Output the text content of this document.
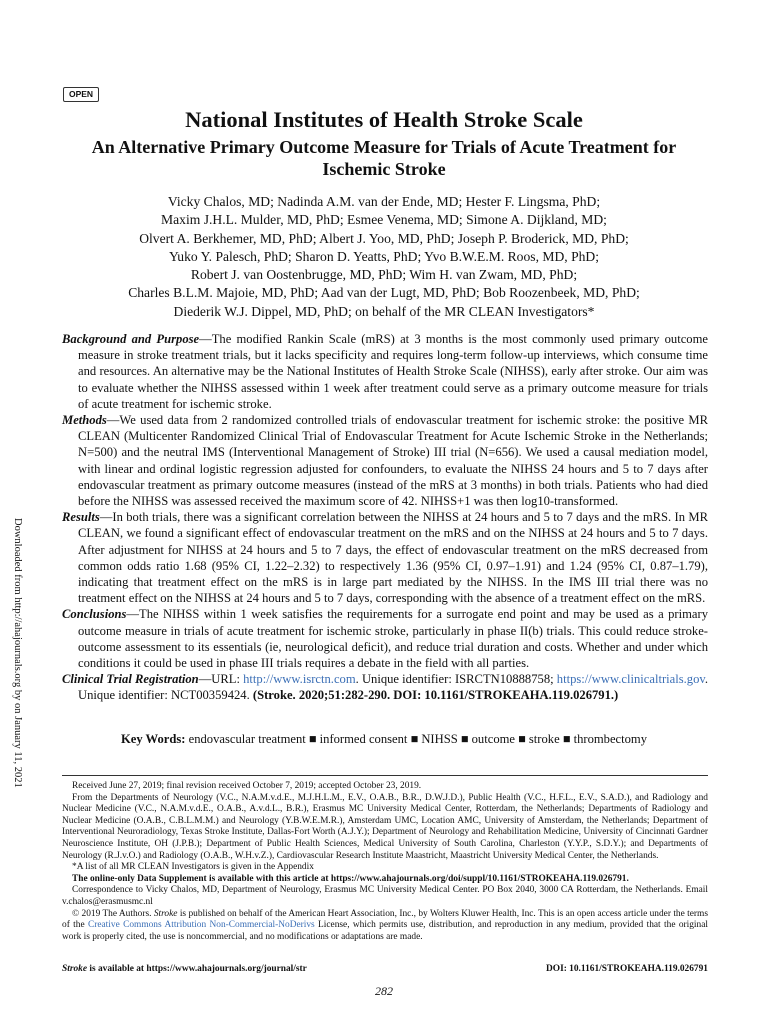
OPEN
National Institutes of Health Stroke Scale
An Alternative Primary Outcome Measure for Trials of Acute Treatment for Ischemic Stroke
Vicky Chalos, MD; Nadinda A.M. van der Ende, MD; Hester F. Lingsma, PhD;
Maxim J.H.L. Mulder, MD, PhD; Esmee Venema, MD; Simone A. Dijkland, MD;
Olvert A. Berkhemer, MD, PhD; Albert J. Yoo, MD, PhD; Joseph P. Broderick, MD, PhD;
Yuko Y. Palesch, PhD; Sharon D. Yeatts, PhD; Yvo B.W.E.M. Roos, MD, PhD;
Robert J. van Oostenbrugge, MD, PhD; Wim H. van Zwam, MD, PhD;
Charles B.L.M. Majoie, MD, PhD; Aad van der Lugt, MD, PhD; Bob Roozenbeek, MD, PhD;
Diederik W.J. Dippel, MD, PhD; on behalf of the MR CLEAN Investigators*

Background and Purpose—The modified Rankin Scale (mRS) at 3 months is the most commonly used primary outcome measure in stroke treatment trials, but it lacks specificity and requires long-term follow-up interviews, which consume time and resources. An alternative may be the National Institutes of Health Stroke Scale (NIHSS), early after stroke. Our aim was to evaluate whether the NIHSS assessed within 1 week after treatment could serve as a primary outcome measure for trials of acute treatment for ischemic stroke.

Methods—We used data from 2 randomized controlled trials of endovascular treatment for ischemic stroke: the positive MR CLEAN (Multicenter Randomized Clinical Trial of Endovascular Treatment for Acute Ischemic Stroke in the Netherlands; N=500) and the neutral IMS (Interventional Management of Stroke) III trial (N=656). We used a causal mediation model, with linear and ordinal logistic regression adjusted for confounders, to evaluate the NIHSS 24 hours and 5 to 7 days after endovascular treatment as primary outcome measures (instead of the mRS at 3 months) in both trials. Patients who had died before the NIHSS was assessed received the maximum score of 42. NIHSS+1 was then log10-transformed.

Results—In both trials, there was a significant correlation between the NIHSS at 24 hours and 5 to 7 days and the mRS. In MR CLEAN, we found a significant effect of endovascular treatment on the mRS and on the NIHSS at 24 hours and 5 to 7 days. After adjustment for NIHSS at 24 hours and 5 to 7 days, the effect of endovascular treatment on the mRS decreased from common odds ratio 1.68 (95% CI, 1.22–2.32) to respectively 1.36 (95% CI, 0.97–1.91) and 1.24 (95% CI, 0.87–1.79), indicating that treatment effect on the mRS is in large part mediated by the NIHSS. In the IMS III trial there was no treatment effect on the NIHSS at 24 hours and 5 to 7 days, corresponding with the absence of a treatment effect on the mRS.

Conclusions—The NIHSS within 1 week satisfies the requirements for a surrogate end point and may be used as a primary outcome measure in trials of acute treatment for ischemic stroke, particularly in phase II(b) trials. This could reduce stroke-outcome assessment to its essentials (ie, neurological deficit), and reduce trial duration and costs. Whether and under which conditions it could be used in phase III trials requires a debate in the field with all parties.

Clinical Trial Registration—URL: http://www.isrctn.com. Unique identifier: ISRCTN10888758; https://www.clinicaltrials.gov. Unique identifier: NCT00359424. (Stroke. 2020;51:282-290. DOI: 10.1161/STROKEAHA.119.026791.)

Key Words: endovascular treatment ■ informed consent ■ NIHSS ■ outcome ■ stroke ■ thrombectomy
Downloaded from http://ahajournals.org by on January 11, 2021	Received June 27, 2019; final revision received October 7, 2019; accepted October 23, 2019.

From the Departments of Neurology (V.C., N.A.M.v.d.E., M.J.H.L.M., E.V., O.A.B., B.R., D.W.J.D.), Public Health (V.C., H.F.L., E.V., S.A.D.), and Radiology and Nuclear Medicine (V.C., N.A.M.v.d.E., O.A.B., A.v.d.L., B.R.), Erasmus MC University Medical Center, Rotterdam, the Netherlands; Departments of Radiology and Nuclear Medicine (O.A.B., C.B.L.M.M.) and Neurology (Y.B.W.E.M.R.), Amsterdam UMC, Location AMC, University of Amsterdam, the Netherlands; Department of Interventional Neuroradiology, Texas Stroke Institute, Dallas-Fort Worth (A.J.Y.); Department of Neurology and Rehabilitation Medicine, University of Cincinnati Gardner Neuroscience Institute, OH (J.P.B.); Department of Public Health Sciences, Medical University of South Carolina, Charleston (Y.Y.P., S.D.Y.); and Departments of Neurology (R.J.v.O.) and Radiology (O.A.B., W.H.v.Z.), Cardiovascular Research Institute Maastricht, Maastricht University Medical Center, the Netherlands.

*A list of all MR CLEAN Investigators is given in the Appendix

The online-only Data Supplement is available with this article at https://www.ahajournals.org/doi/suppl/10.1161/STROKEAHA.119.026791.

Correspondence to Vicky Chalos, MD, Department of Neurology, Erasmus MC University Medical Center. PO Box 2040, 3000 CA Rotterdam, the Netherlands. Email v.chalos@erasmusmc.nl

© 2019 The Authors. Stroke is published on behalf of the American Heart Association, Inc., by Wolters Kluwer Health, Inc. This is an open access article under the terms of the Creative Commons Attribution Non-Commercial-NoDerivs License, which permits use, distribution, and reproduction in any medium, provided that the original work is properly cited, the use is noncommercial, and no modifications or adaptations are made.

Stroke is available at https://www.ahajournals.org/journal/str	DOI: 10.1161/STROKEAHA.119.026791
282
